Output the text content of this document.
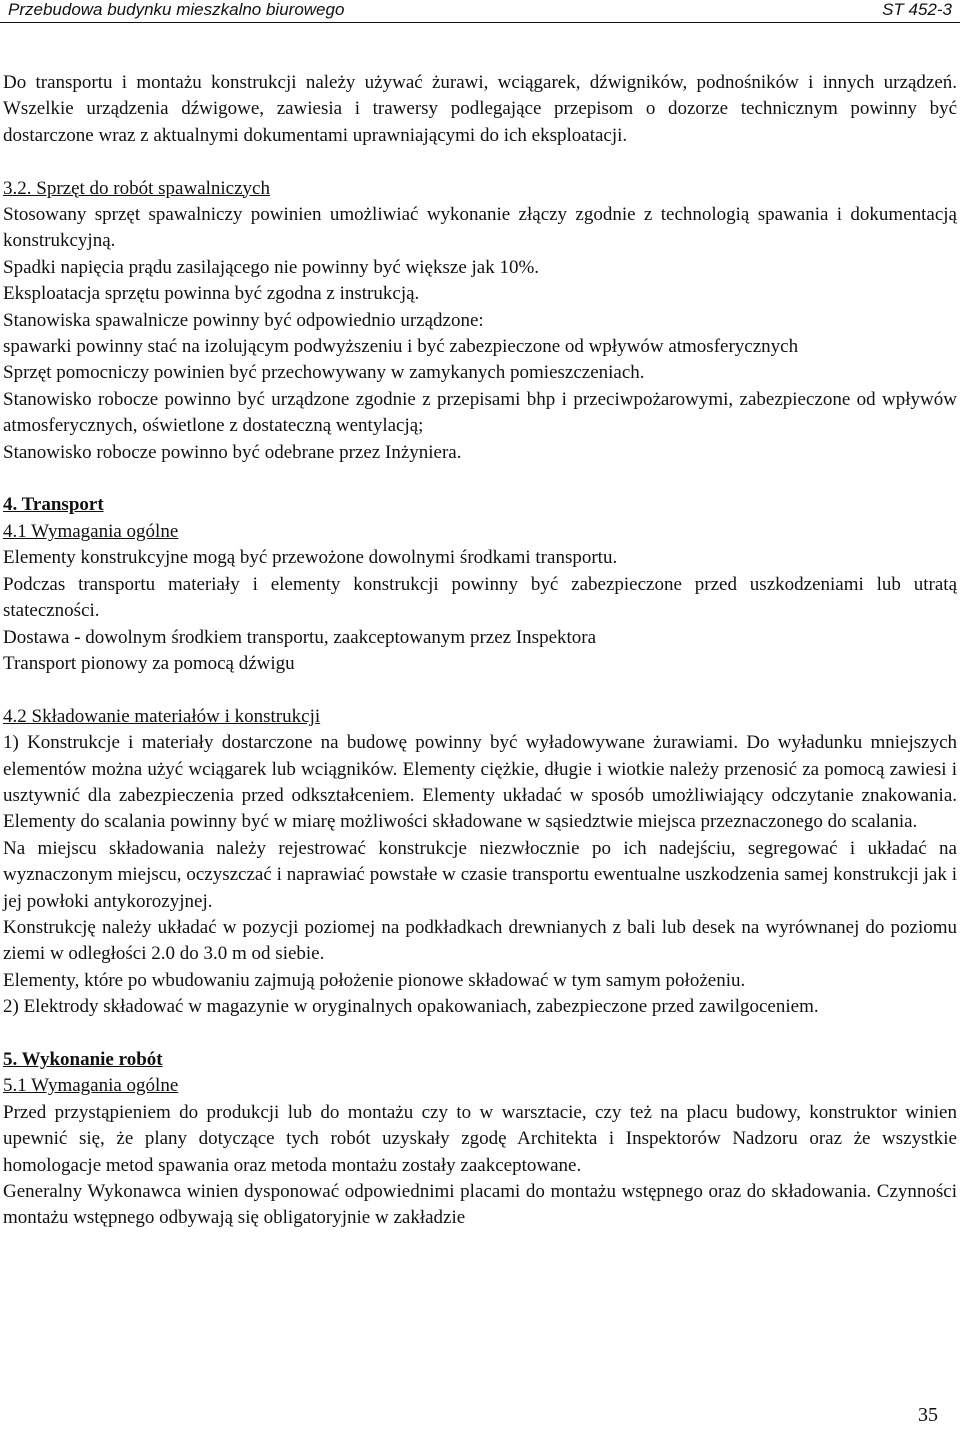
Przebudowa budynku mieszkalno biurowego	ST 452-3

Do transportu i montażu konstrukcji należy używać żurawi, wciągarek, dźwigników, podnośników i innych urządzeń. Wszelkie urządzenia dźwigowe, zawiesia i trawersy podlegające przepisom o dozorze technicznym powinny być dostarczone wraz z aktualnymi dokumentami uprawniającymi do ich eksploatacji.

3.2. Sprzęt do robót spawalniczych

Stosowany sprzęt spawalniczy powinien umożliwiać wykonanie złączy zgodnie z technologią spawania i dokumentacją konstrukcyjną.

Spadki napięcia prądu zasilającego nie powinny być większe jak 10%.

Eksploatacja sprzętu powinna być zgodna z instrukcją.

Stanowiska spawalnicze powinny być odpowiednio urządzone:

spawarki powinny stać na izolującym podwyższeniu i być zabezpieczone od wpływów atmosferycznych

Sprzęt pomocniczy powinien być przechowywany w zamykanych pomieszczeniach.

Stanowisko robocze powinno być urządzone zgodnie z przepisami bhp i przeciwpożarowymi, zabezpieczone od wpływów atmosferycznych, oświetlone z dostateczną wentylacją;

Stanowisko robocze powinno być odebrane przez Inżyniera.

4. Transport

4.1 Wymagania ogólne

Elementy konstrukcyjne mogą być przewożone dowolnymi środkami transportu.

Podczas transportu materiały i elementy konstrukcji powinny być zabezpieczone przed uszkodzeniami lub utratą stateczności.

Dostawa - dowolnym środkiem transportu, zaakceptowanym przez Inspektora

Transport pionowy za pomocą dźwigu

4.2 Składowanie materiałów i konstrukcji

1) Konstrukcje i materiały dostarczone na budowę powinny być wyładowywane żurawiami. Do wyładunku mniejszych elementów można użyć wciągarek lub wciągników. Elementy ciężkie, długie i wiotkie należy przenosić za pomocą zawiesi i usztywnić dla zabezpieczenia przed odkształceniem. Elementy układać w sposób umożliwiający odczytanie znakowania. Elementy do scalania powinny być w miarę możliwości składowane w sąsiedztwie miejsca przeznaczonego do scalania.

Na miejscu składowania należy rejestrować konstrukcje niezwłocznie po ich nadejściu, segregować i układać na wyznaczonym miejscu, oczyszczać i naprawiać powstałe w czasie transportu ewentualne uszkodzenia samej konstrukcji jak i jej powłoki antykorozyjnej.

Konstrukcję należy układać w pozycji poziomej na podkładkach drewnianych z bali lub desek na wyrównanej do poziomu ziemi w odległości 2.0 do 3.0 m od siebie.

Elementy, które po wbudowaniu zajmują położenie pionowe składować w tym samym położeniu.

2) Elektrody składować w magazynie w oryginalnych opakowaniach, zabezpieczone przed zawilgoceniem.

5. Wykonanie robót

5.1 Wymagania ogólne

Przed przystąpieniem do produkcji lub do montażu czy to w warsztacie, czy też na placu budowy, konstruktor winien upewnić się, że plany dotyczące tych robót uzyskały zgodę Architekta i Inspektorów Nadzoru oraz że wszystkie homologacje metod spawania oraz metoda montażu zostały zaakceptowane.

Generalny Wykonawca winien dysponować odpowiednimi placami do montażu wstępnego oraz do składowania. Czynności montażu wstępnego odbywają się obligatoryjnie w zakładzie

35
